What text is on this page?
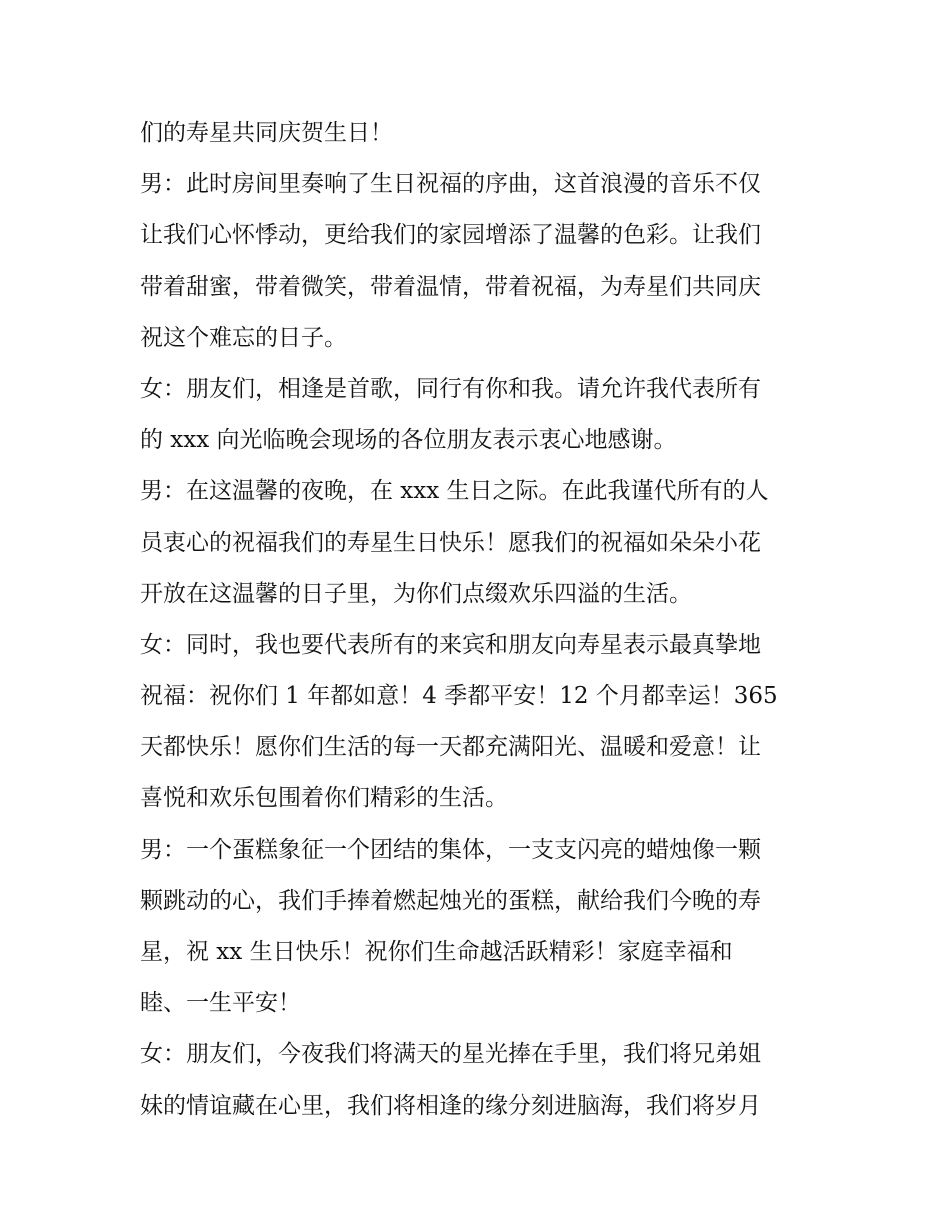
们的寿星共同庆贺生日！
男：此时房间里奏响了生日祝福的序曲，这首浪漫的音乐不仅
让我们心怀悸动，更给我们的家园增添了温馨的色彩。让我们
带着甜蜜，带着微笑，带着温情，带着祝福，为寿星们共同庆
祝这个难忘的日子。
女：朋友们，相逢是首歌，同行有你和我。请允许我代表所有
的 xxx 向光临晚会现场的各位朋友表示衷心地感谢。
男：在这温馨的夜晚，在 xxx 生日之际。在此我谨代所有的人
员衷心的祝福我们的寿星生日快乐！愿我们的祝福如朵朵小花
开放在这温馨的日子里，为你们点缀欢乐四溢的生活。
女：同时，我也要代表所有的来宾和朋友向寿星表示最真挚地
祝福：祝你们 1 年都如意！4 季都平安！12 个月都幸运！365
天都快乐！愿你们生活的每一天都充满阳光、温暖和爱意！让
喜悦和欢乐包围着你们精彩的生活。
男：一个蛋糕象征一个团结的集体，一支支闪亮的蜡烛像一颗
颗跳动的心，我们手捧着燃起烛光的蛋糕，献给我们今晚的寿
星，祝 xx 生日快乐！祝你们生命越活跃精彩！家庭幸福和
睦、一生平安！
女：朋友们，今夜我们将满天的星光捧在手里，我们将兄弟姐
妹的情谊藏在心里，我们将相逢的缘分刻进脑海，我们将岁月
